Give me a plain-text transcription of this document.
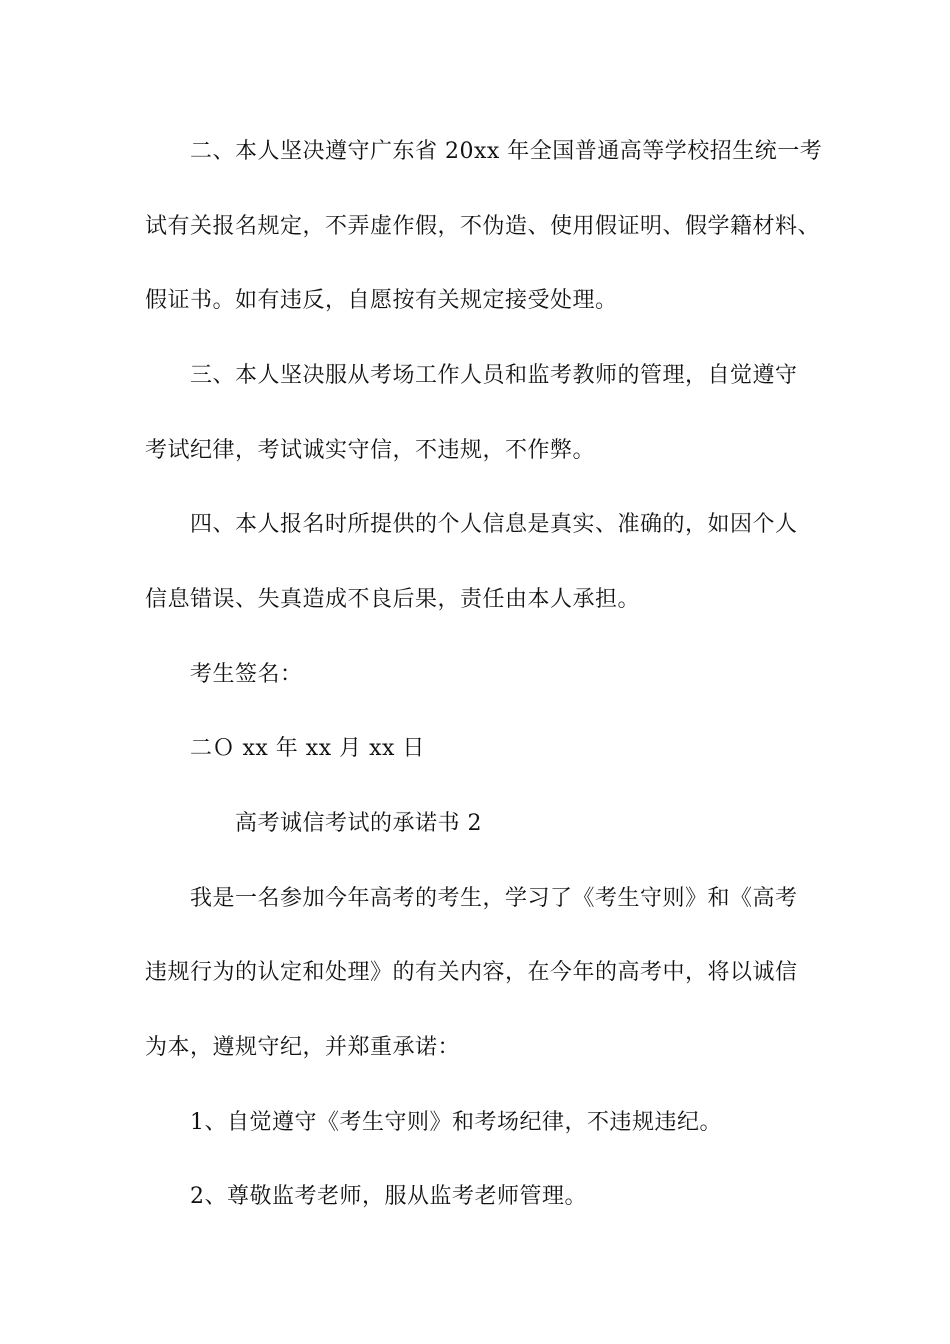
二、本人坚决遵守广东省 20xx 年全国普通高等学校招生统一考
试有关报名规定，不弄虚作假，不伪造、使用假证明、假学籍材料、
假证书。如有违反，自愿按有关规定接受处理。
三、本人坚决服从考场工作人员和监考教师的管理，自觉遵守
考试纪律，考试诚实守信，不违规，不作弊。
四、本人报名时所提供的个人信息是真实、准确的，如因个人
信息错误、失真造成不良后果，责任由本人承担。
考生签名：
二Ｏ xx 年 xx 月 xx 日
高考诚信考试的承诺书 2
我是一名参加今年高考的考生，学习了《考生守则》和《高考
违规行为的认定和处理》的有关内容，在今年的高考中，将以诚信
为本，遵规守纪，并郑重承诺：
1、自觉遵守《考生守则》和考场纪律，不违规违纪。
2、尊敬监考老师，服从监考老师管理。
